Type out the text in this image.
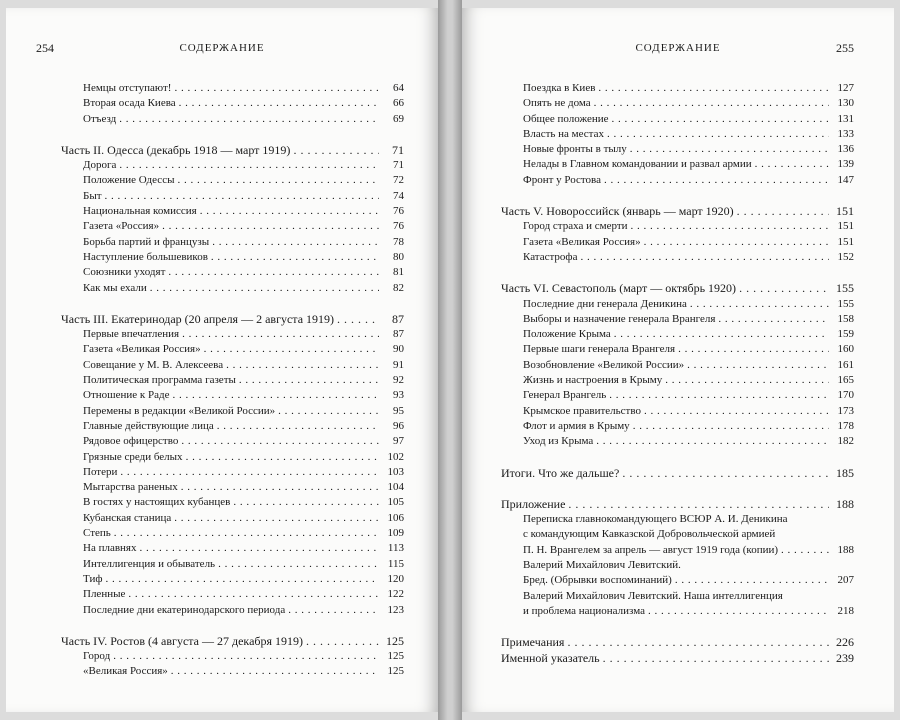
254	СОДЕРЖАНИЕ
Немцы отступают! . . .	64
Вторая осада Киева . . .	66
Отъезд . . .	69
Часть II. Одесса (декабрь 1918 — март 1919) . . .	71
Дорога . . .	71
Положение Одессы . . .	72
Быт . . .	74
Национальная комиссия . . .	76
Газета «Россия» . . .	76
Борьба партий и французы . . .	78
Наступление большевиков . . .	80
Союзники уходят . . .	81
Как мы ехали . . .	82
Часть III. Екатеринодар (20 апреля — 2 августа 1919) . . .	87
Первые впечатления . . .	87
Газета «Великая Россия» . . .	90
Совещание у М. В. Алексеева . . .	91
Политическая программа газеты . . .	92
Отношение к Раде . . .	93
Перемены в редакции «Великой России» . . .	95
Главные действующие лица . . .	96
Рядовое офицерство . . .	97
Грязные среди белых . . .	102
Потери . . .	103
Мытарства раненых . . .	104
В гостях у настоящих кубанцев . . .	105
Кубанская станица . . .	106
Степь . . .	109
На плавнях . . .	113
Интеллигенция и обыватель . . .	115
Тиф . . .	120
Пленные . . .	122
Последние дни екатеринодарского периода . . .	123
Часть IV. Ростов (4 августа — 27 декабря 1919) . . .	125
Город . . .	125
«Великая Россия» . . .	125
СОДЕРЖАНИЕ	255
Поездка в Киев . . .	127
Опять не дома . . .	130
Общее положение . . .	131
Власть на местах . . .	133
Новые фронты в тылу . . .	136
Нелады в Главном командовании и развал армии . . .	139
Фронт у Ростова . . .	147
Часть V. Новороссийск (январь — март 1920) . . .	151
Город страха и смерти . . .	151
Газета «Великая Россия» . . .	151
Катастрофа . . .	152
Часть VI. Севастополь (март — октябрь 1920) . . .	155
Последние дни генерала Деникина . . .	155
Выборы и назначение генерала Врангеля . . .	158
Положение Крыма . . .	159
Первые шаги генерала Врангеля . . .	160
Возобновление «Великой России» . . .	161
Жизнь и настроения в Крыму . . .	165
Генерал Врангель . . .	170
Крымское правительство . . .	173
Флот и армия в Крыму . . .	178
Уход из Крыма . . .	182
Итоги. Что же дальше? . . .	185
Приложение . . .	188
Переписка главнокомандующего ВСЮР А. И. Деникина
с командующим Кавказской Добровольческой армией
П. Н. Врангелем за апрель — август 1919 года (копии) . . .	188
Валерий Михайлович Левитский.
Бред. (Обрывки воспоминаний) . . .	207
Валерий Михайлович Левитский. Наша интеллигенция
и проблема национализма . . .	218
Примечания . . .	226
Именной указатель . . .	239
